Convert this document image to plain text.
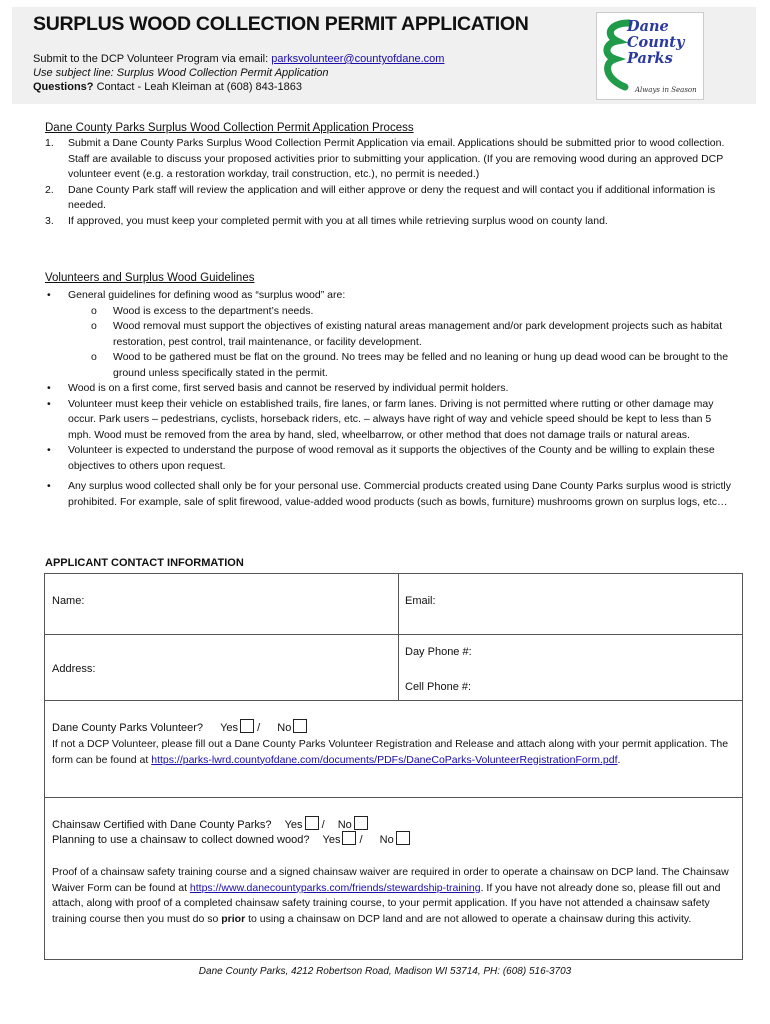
SURPLUS WOOD COLLECTION PERMIT APPLICATION
Submit to the DCP Volunteer Program via email: parksvolunteer@countyofdane.com
Use subject line: Surplus Wood Collection Permit Application
Questions? Contact - Leah Kleiman at (608) 843-1863
Dane
County
Parks
Always in Season
Dane County Parks Surplus Wood Collection Permit Application Process
1. Submit a Dane County Parks Surplus Wood Collection Permit Application via email. Applications should be submitted prior to wood collection. Staff are available to discuss your proposed activities prior to submitting your application. (If you are removing wood during an approved DCP volunteer event (e.g. a restoration workday, trail construction, etc.), no permit is needed.)
2. Dane County Park staff will review the application and will either approve or deny the request and will contact you if additional information is needed.
3. If approved, you must keep your completed permit with you at all times while retrieving surplus wood on county land.
Volunteers and Surplus Wood Guidelines
• General guidelines for defining wood as “surplus wood” are:
o Wood is excess to the department’s needs.
o Wood removal must support the objectives of existing natural areas management and/or park development projects such as habitat restoration, pest control, trail maintenance, or facility development.
o Wood to be gathered must be flat on the ground. No trees may be felled and no leaning or hung up dead wood can be brought to the ground unless specifically stated in the permit.
• Wood is on a first come, first served basis and cannot be reserved by individual permit holders.
• Volunteer must keep their vehicle on established trails, fire lanes, or farm lanes. Driving is not permitted where rutting or other damage may occur. Park users – pedestrians, cyclists, horseback riders, etc. – always have right of way and vehicle speed should be kept to less than 5 mph. Wood must be removed from the area by hand, sled, wheelbarrow, or other method that does not damage trails or natural areas.
• Volunteer is expected to understand the purpose of wood removal as it supports the objectives of the County and be willing to explain these objectives to others upon request.
• Any surplus wood collected shall only be for your personal use. Commercial products created using Dane County Parks surplus wood is strictly prohibited. For example, sale of split firewood, value-added wood products (such as bowls, furniture) mushrooms grown on surplus logs, etc…
APPLICANT CONTACT INFORMATION
Name:	Email:
Address:
Day Phone #:
Cell Phone #:
Dane County Parks Volunteer? Yes / No
If not a DCP Volunteer, please fill out a Dane County Parks Volunteer Registration and Release and attach along with your permit application. The form can be found at https://parks-lwrd.countyofdane.com/documents/PDFs/DaneCoParks-VolunteerRegistrationForm.pdf.
Chainsaw Certified with Dane County Parks? Yes / No
Planning to use a chainsaw to collect downed wood? Yes / No
Proof of a chainsaw safety training course and a signed chainsaw waiver are required in order to operate a chainsaw on DCP land. The Chainsaw Waiver Form can be found at https://www.danecountyparks.com/friends/stewardship-training. If you have not already done so, please fill out and attach, along with proof of a completed chainsaw safety training course, to your permit application. If you have not attended a chainsaw safety training course then you must do so prior to using a chainsaw on DCP land and are not allowed to operate a chainsaw during this activity.
Dane County Parks, 4212 Robertson Road, Madison WI 53714, PH: (608) 516-3703
